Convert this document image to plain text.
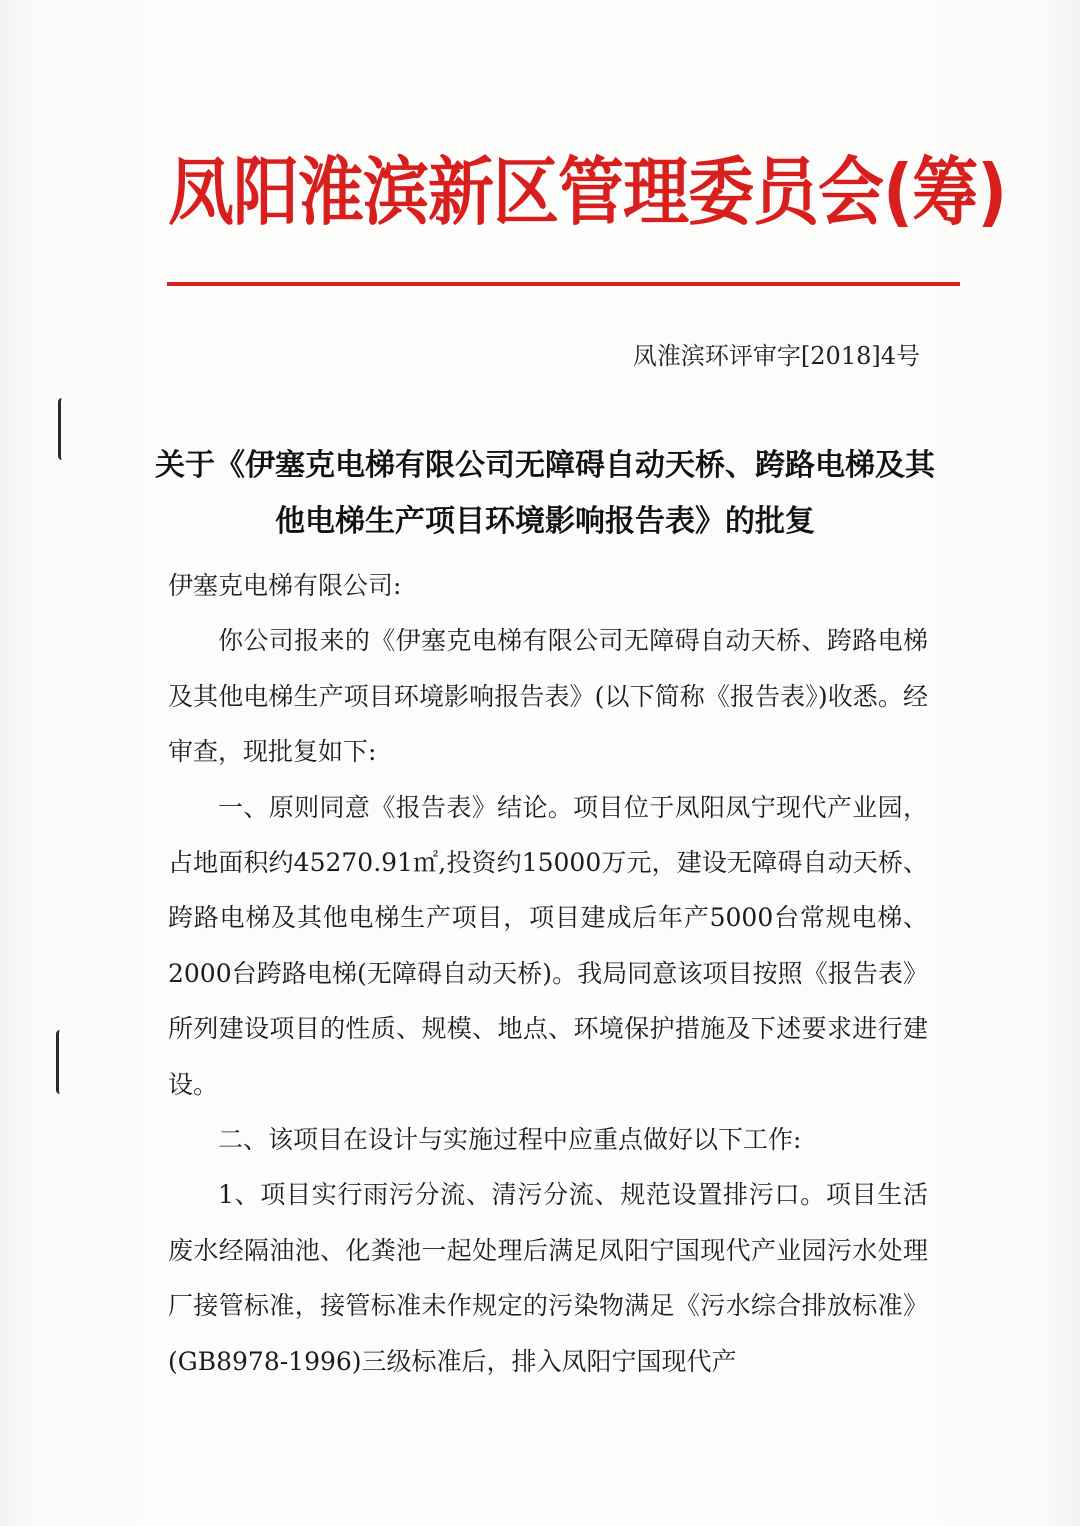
凤阳淮滨新区管理委员会(筹)
凤淮滨环评审字[2018]4号
关于《伊塞克电梯有限公司无障碍自动天桥、跨路电梯及其他电梯生产项目环境影响报告表》的批复

伊塞克电梯有限公司:

你公司报来的《伊塞克电梯有限公司无障碍自动天桥、跨路电梯及其他电梯生产项目环境影响报告表》(以下简称《报告表》)收悉。经审查，现批复如下:

一、原则同意《报告表》结论。项目位于凤阳凤宁现代产业园，占地面积约45270.91㎡,投资约15000万元，建设无障碍自动天桥、跨路电梯及其他电梯生产项目，项目建成后年产5000台常规电梯、2000台跨路电梯(无障碍自动天桥)。我局同意该项目按照《报告表》所列建设项目的性质、规模、地点、环境保护措施及下述要求进行建设。

二、该项目在设计与实施过程中应重点做好以下工作:

1、项目实行雨污分流、清污分流、规范设置排污口。项目生活废水经隔油池、化粪池一起处理后满足凤阳宁国现代产业园污水处理厂接管标准，接管标准未作规定的污染物满足《污水综合排放标准》(GB8978-1996)三级标准后，排入凤阳宁国现代产
